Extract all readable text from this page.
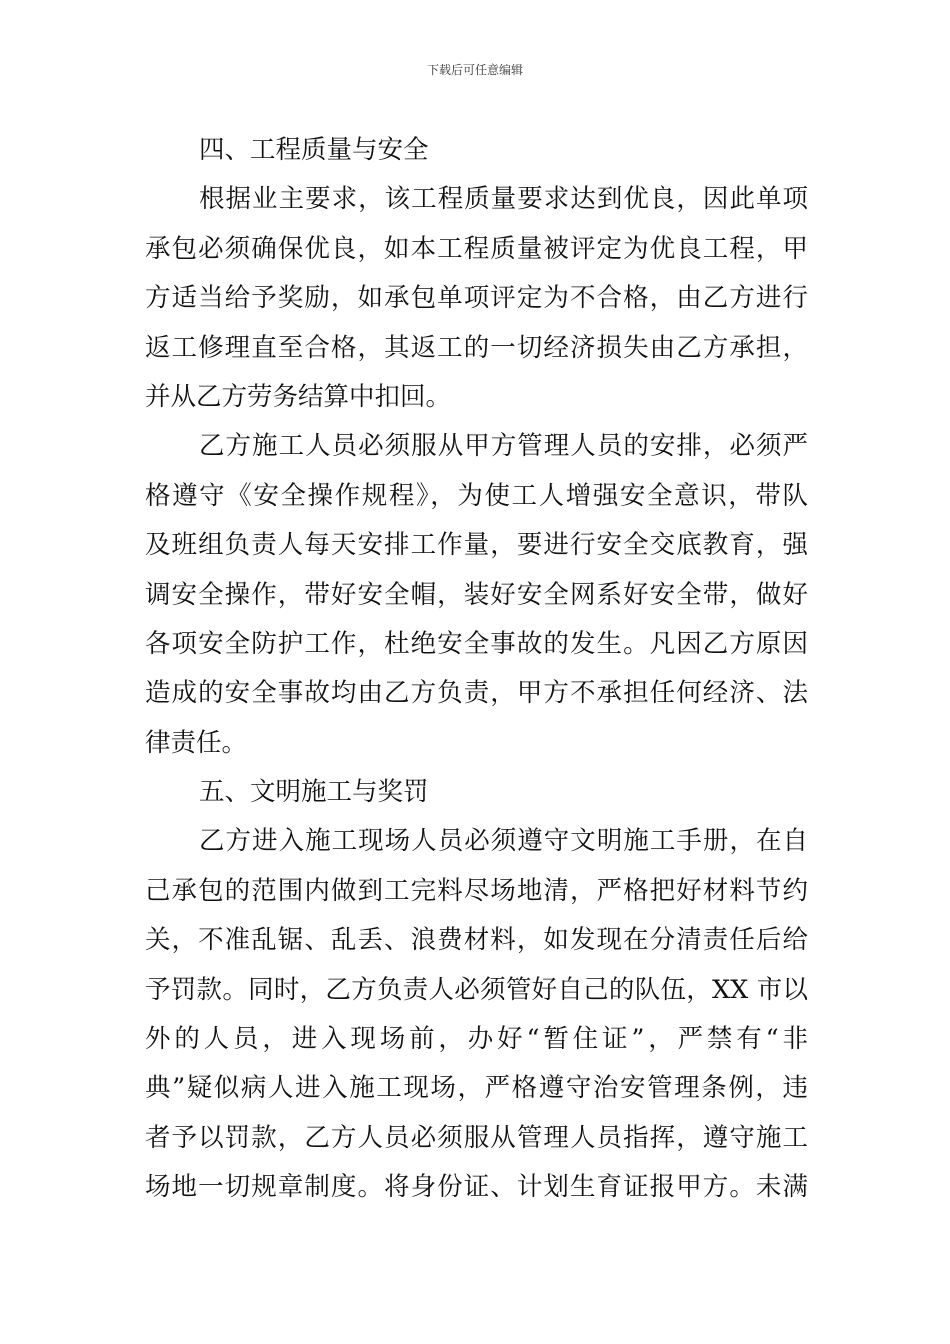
下载后可任意编辑
四、工程质量与安全
根据业主要求，该工程质量要求达到优良，因此单项
承包必须确保优良，如本工程质量被评定为优良工程，甲
方适当给予奖励，如承包单项评定为不合格，由乙方进行
返工修理直至合格，其返工的一切经济损失由乙方承担，
并从乙方劳务结算中扣回。
乙方施工人员必须服从甲方管理人员的安排，必须严
格遵守《安全操作规程》，为使工人增强安全意识，带队
及班组负责人每天安排工作量，要进行安全交底教育，强
调安全操作，带好安全帽，装好安全网系好安全带，做好
各项安全防护工作，杜绝安全事故的发生。凡因乙方原因
造成的安全事故均由乙方负责，甲方不承担任何经济、法
律责任。
五、文明施工与奖罚
乙方进入施工现场人员必须遵守文明施工手册，在自
己承包的范围内做到工完料尽场地清，严格把好材料节约
关，不准乱锯、乱丢、浪费材料，如发现在分清责任后给
予罚款。同时，乙方负责人必须管好自己的队伍，XX 市以
外的人员，进入现场前，办好“暂住证”，严禁有“非
典”疑似病人进入施工现场，严格遵守治安管理条例，违
者予以罚款，乙方人员必须服从管理人员指挥，遵守施工
场地一切规章制度。将身份证、计划生育证报甲方。未满
